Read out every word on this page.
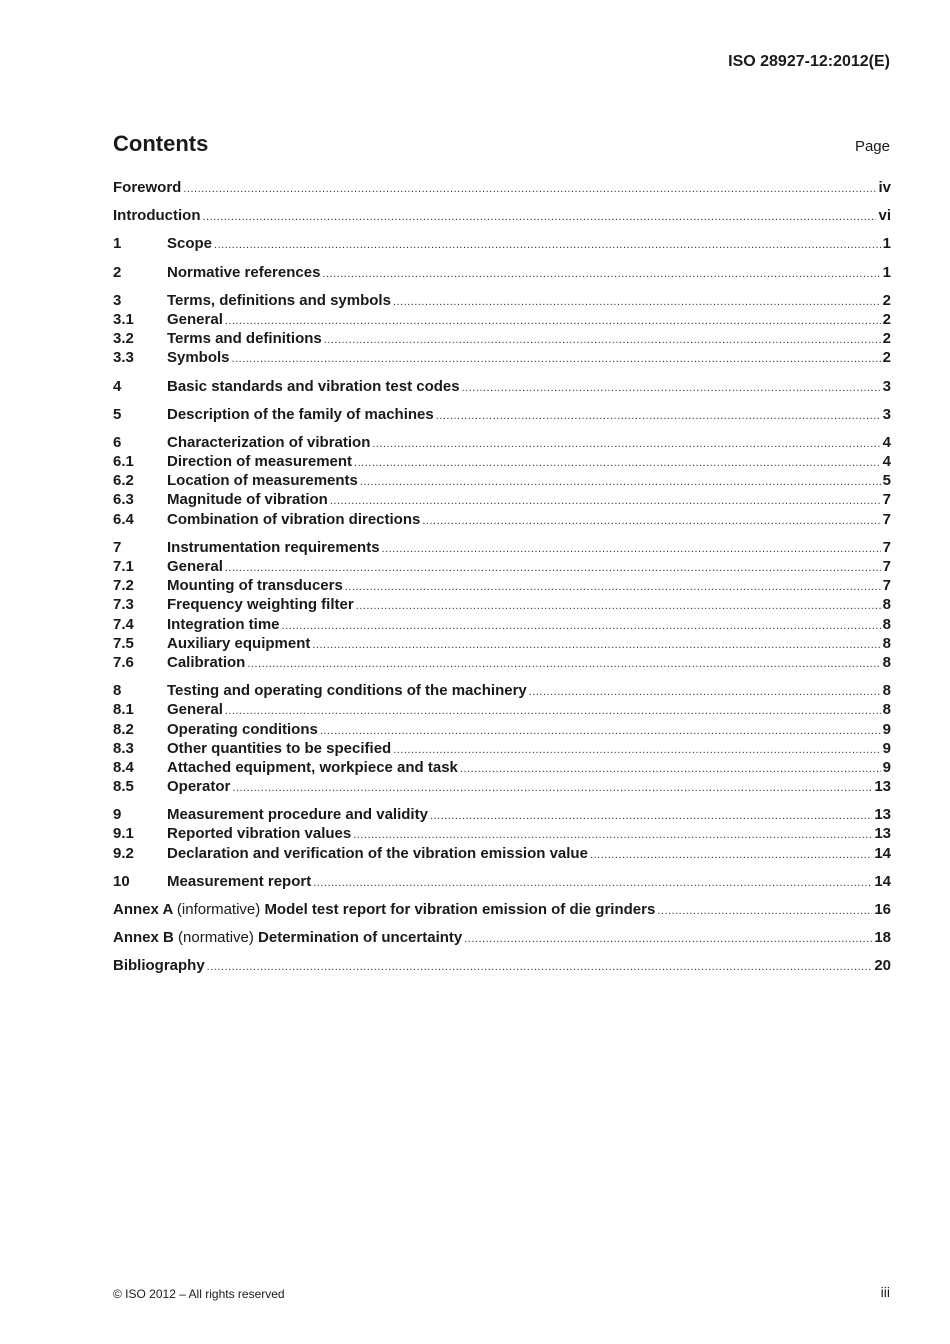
ISO 28927-12:2012(E)
Contents	Page
Foreword .....	iv
Introduction .....	vi
1	Scope .....	1
2	Normative references .....	1
3	Terms, definitions and symbols .....	2
3.1	General .....	2
3.2	Terms and definitions .....	2
3.3	Symbols .....	2
4	Basic standards and vibration test codes .....	3
5	Description of the family of machines .....	3
6	Characterization of vibration .....	4
6.1	Direction of measurement .....	4
6.2	Location of measurements .....	5
6.3	Magnitude of vibration .....	7
6.4	Combination of vibration directions .....	7
7	Instrumentation requirements .....	7
7.1	General .....	7
7.2	Mounting of transducers .....	7
7.3	Frequency weighting filter .....	8
7.4	Integration time .....	8
7.5	Auxiliary equipment .....	8
7.6	Calibration .....	8
8	Testing and operating conditions of the machinery .....	8
8.1	General .....	8
8.2	Operating conditions .....	9
8.3	Other quantities to be specified .....	9
8.4	Attached equipment, workpiece and task .....	9
8.5	Operator .....	13
9	Measurement procedure and validity .....	13
9.1	Reported vibration values .....	13
9.2	Declaration and verification of the vibration emission value .....	14
10	Measurement report .....	14
Annex A (informative) Model test report for vibration emission of die grinders .....	16
Annex B (normative) Determination of uncertainty .....	18
Bibliography .....	20
© ISO 2012 – All rights reserved	iii
